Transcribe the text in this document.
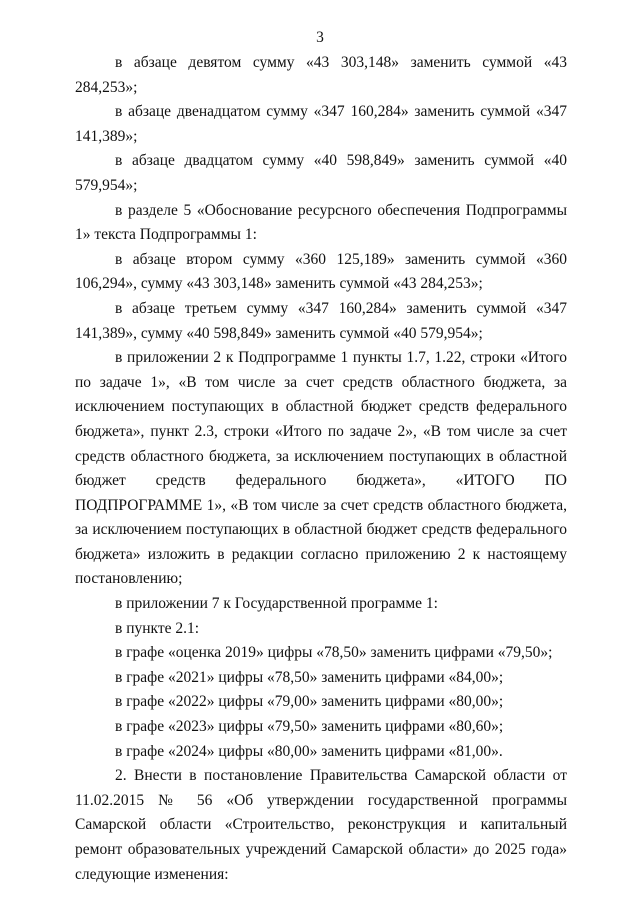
3

в абзаце девятом сумму «43 303,148» заменить суммой «43 284,253»;

в абзаце двенадцатом сумму «347 160,284» заменить суммой «347 141,389»;

в абзаце двадцатом сумму «40 598,849» заменить суммой «40 579,954»;

в разделе 5 «Обоснование ресурсного обеспечения Подпрограммы 1» текста Подпрограммы 1:

в абзаце втором сумму «360 125,189» заменить суммой «360 106,294», сумму «43 303,148» заменить суммой «43 284,253»;

в абзаце третьем сумму «347 160,284» заменить суммой «347 141,389», сумму «40 598,849» заменить суммой «40 579,954»;

в приложении 2 к Подпрограмме 1 пункты 1.7, 1.22, строки «Итого по задаче 1», «В том числе за счет средств областного бюджета, за исключением поступающих в областной бюджет средств федерального бюджета», пункт 2.3, строки «Итого по задаче 2», «В том числе за счет средств областного бюджета, за исключением поступающих в областной бюджет средств федерального бюджета», «ИТОГО ПО ПОДПРОГРАММЕ 1», «В том числе за счет средств областного бюджета, за исключением поступающих в областной бюджет средств федерального бюджета» изложить в редакции согласно приложению 2 к настоящему постановлению;

в приложении 7 к Государственной программе 1:

в пункте 2.1:

в графе «оценка 2019» цифры «78,50» заменить цифрами «79,50»;

в графе «2021» цифры «78,50» заменить цифрами «84,00»;

в графе «2022» цифры «79,00» заменить цифрами «80,00»;

в графе «2023» цифры «79,50» заменить цифрами «80,60»;

в графе «2024» цифры «80,00» заменить цифрами «81,00».

2. Внести в постановление Правительства Самарской области от 11.02.2015 № 56 «Об утверждении государственной программы Самарской области «Строительство, реконструкция и капитальный ремонт образовательных учреждений Самарской области» до 2025 года» следующие изменения:
